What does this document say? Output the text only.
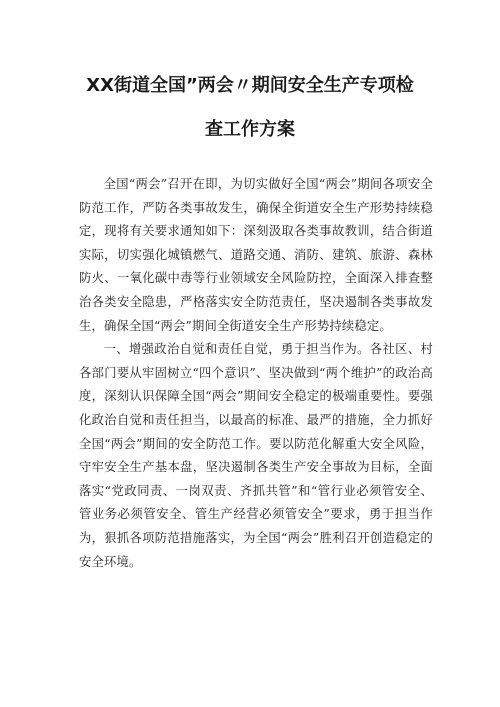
XX街道全国”两会〃期间安全生产专项检
查工作方案

全国“两会”召开在即，为切实做好全国“两会”期间各项安全防范工作，严防各类事故发生，确保全街道安全生产形势持续稳定，现将有关要求通知如下：深刻汲取各类事故教训，结合街道实际，切实强化城镇燃气、道路交通、消防、建筑、旅游、森林防火、一氧化碳中毒等行业领域安全风险防控，全面深入排查整治各类安全隐患，严格落实安全防范责任，坚决遏制各类事故发生，确保全国“两会”期间全街道安全生产形势持续稳定。

一、增强政治自觉和责任自觉，勇于担当作为。各社区、村各部门要从牢固树立“四个意识”、坚决做到“两个维护”的政治高度，深刻认识保障全国“两会”期间安全稳定的极端重要性。要强化政治自觉和责任担当，以最高的标准、最严的措施，全力抓好全国“两会”期间的安全防范工作。要以防范化解重大安全风险，守牢安全生产基本盘，坚决遏制各类生产安全事故为目标，全面落实“党政同责、一岗双责、齐抓共管”和“管行业必须管安全、管业务必须管安全、管生产经营必须管安全”要求，勇于担当作为，狠抓各项防范措施落实，为全国“两会”胜利召开创造稳定的安全环境。
